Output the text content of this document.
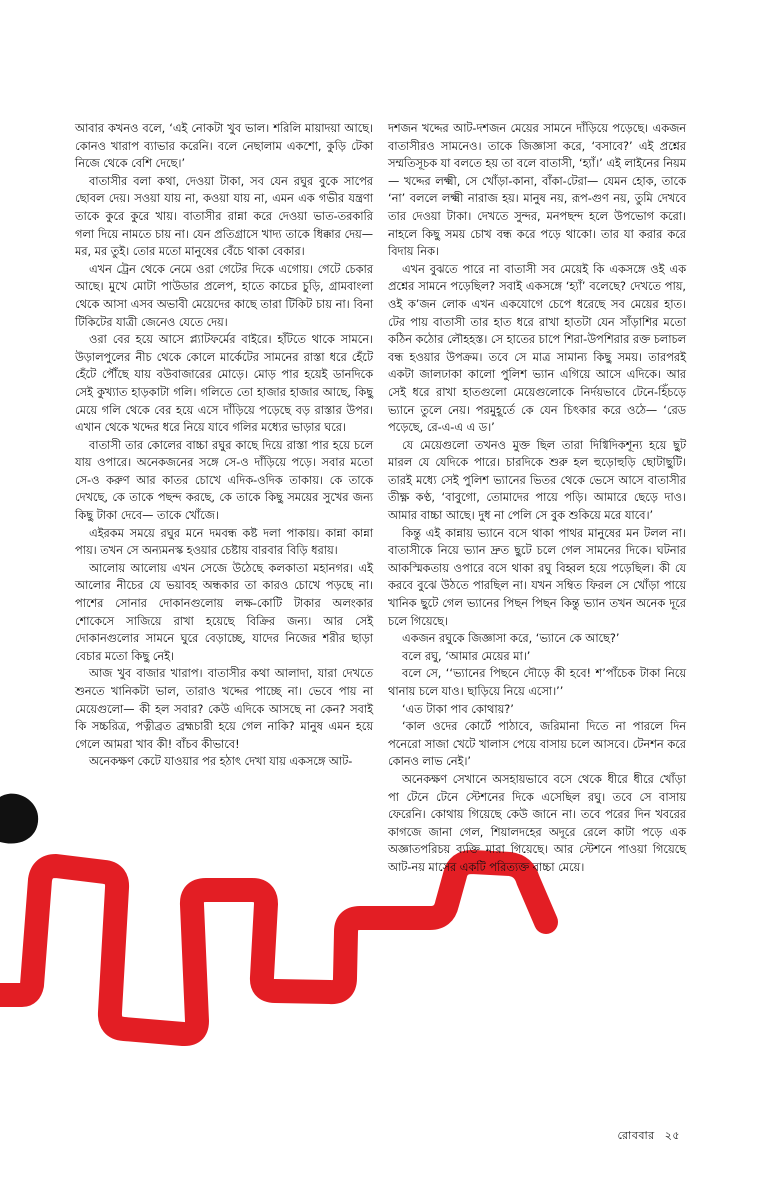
আবার কখনও বলে, ‘এই নোকটা খুব ভাল। শরিলি মায়াদয়া আছে। কোনও খারাপ ব্যাভার করেনি। বলে নেছালাম একশো, কুড়ি টেকা নিজে থেকে বেশি দেছে।’

বাতাসীর বলা কথা, দেওয়া টাকা, সব যেন রঘুর বুকে সাপের ছোবল দেয়। সওয়া যায় না, কওয়া যায় না, এমন এক গভীর যন্ত্রণা তাকে কুরে কুরে খায়। বাতাসীর রান্না করে দেওয়া ভাত-তরকারি গলা দিয়ে নামতে চায় না। যেন প্রতিগ্রাসে খাদ্য তাকে ধিক্কার দেয়— মর, মর তুই। তোর মতো মানুষের বেঁচে থাকা বেকার।

এখন ট্রেন থেকে নেমে ওরা গেটের দিকে এগোয়। গেটে চেকার আছে। মুখে মোটা পাউডার প্রলেপ, হাতে কাচের চুড়ি, গ্রামবাংলা থেকে আসা এসব অভাবী মেয়েদের কাছে তারা টিকিট চায় না। বিনা টিকিটের যাত্রী জেনেও যেতে দেয়।

ওরা বের হয়ে আসে প্ল্যাটফর্মের বাইরে। হাঁটতে থাকে সামনে। উড়ালপুলের নীচ থেকে কোলে মার্কেটের সামনের রাস্তা ধরে হেঁটে হেঁটে পৌঁছে যায় বউবাজারের মোড়ে। মোড় পার হয়েই ডানদিকে সেই কুখ্যাত হাড়কাটা গলি। গলিতে তো হাজার হাজার আছে, কিছু মেয়ে গলি থেকে বের হয়ে এসে দাঁড়িয়ে পড়েছে বড় রাস্তার উপর। এখান থেকে খদ্দের ধরে নিয়ে যাবে গলির মধ্যের ভাড়ার ঘরে।

বাতাসী তার কোলের বাচ্চা রঘুর কাছে দিয়ে রাস্তা পার হয়ে চলে যায় ওপারে। অনেকজনের সঙ্গে সে-ও দাঁড়িয়ে পড়ে। সবার মতো সে-ও করুণ আর কাতর চোখে এদিক-ওদিক তাকায়। কে তাকে দেখছে, কে তাকে পছন্দ করছে, কে তাকে কিছু সময়ের সুখের জন্য কিছু টাকা দেবে— তাকে খোঁজে।

এইরকম সময়ে রঘুর মনে দমবন্ধ কষ্ট দলা পাকায়। কান্না কান্না পায়। তখন সে অন্যমনস্ক হওয়ার চেষ্টায় বারবার বিড়ি ধরায়।

আলোয় আলোয় এখন সেজে উঠেছে কলকাতা মহানগর। এই আলোর নীচের যে ভয়াবহ অন্ধকার তা কারও চোখে পড়ছে না। পাশের সোনার দোকানগুলোয় লক্ষ-কোটি টাকার অলংকার শোকেসে সাজিয়ে রাখা হয়েছে বিক্রির জন্য। আর সেই দোকানগুলোর সামনে ঘুরে বেড়াচ্ছে, যাদের নিজের শরীর ছাড়া বেচার মতো কিছু নেই।

আজ খুব বাজার খারাপ। বাতাসীর কথা আলাদা, যারা দেখতে শুনতে খানিকটা ভাল, তারাও খদ্দের পাচ্ছে না। ভেবে পায় না মেয়েগুলো— কী হল সবার? কেউ এদিকে আসছে না কেন? সবাই কি সচ্চরিত্র, পত্নীব্রত ব্রহ্মচারী হয়ে গেল নাকি? মানুষ এমন হয়ে গেলে আমরা খাব কী! বাঁচব কীভাবে!

অনেকক্ষণ কেটে যাওয়ার পর হঠাৎ দেখা যায় একসঙ্গে আট-

দশজন খদ্দের আট-দশজন মেয়ের সামনে দাঁড়িয়ে পড়েছে। একজন বাতাসীরও সামনেও। তাকে জিজ্ঞাসা করে, ‘বসাবে?’ এই প্রশ্নের সম্মতিসূচক যা বলতে হয় তা বলে বাতাসী, ‘হ্যাঁ।’ এই লাইনের নিয়ম— খদ্দের লক্ষ্মী, সে খোঁড়া-কানা, বাঁকা-টেরা— যেমন হোক, তাকে ‘না’ বললে লক্ষ্মী নারাজ হয়। মানুষ নয়, রূপ-গুণ নয়, তুমি দেখবে তার দেওয়া টাকা। দেখতে সুন্দর, মনপছন্দ হলে উপভোগ করো। নাহলে কিছু সময় চোখ বন্ধ করে পড়ে থাকো। তার যা করার করে বিদায় নিক।

এখন বুঝতে পারে না বাতাসী সব মেয়েই কি একসঙ্গে ওই এক প্রশ্নের সামনে পড়েছিল? সবাই একসঙ্গে ‘হ্যাঁ’ বলেছে? দেখতে পায়, ওই ক’জন লোক এখন একযোগে চেপে ধরেছে সব মেয়ের হাত। টের পায় বাতাসী তার হাত ধরে রাখা হাতটা যেন সাঁড়াশির মতো কঠিন কঠোর লৌহহস্ত। সে হাতের চাপে শিরা-উপশিরার রক্ত চলাচল বন্ধ হওয়ার উপক্রম। তবে সে মাত্র সামান্য কিছু সময়। তারপরই একটা জালঢাকা কালো পুলিশ ভ্যান এগিয়ে আসে এদিকে। আর সেই ধরে রাখা হাতগুলো মেয়েগুলোকে নির্দয়ভাবে টেনে-হিঁচড়ে ভ্যানে তুলে নেয়। পরমুহূর্তে কে যেন চিৎকার করে ওঠে— ‘রেড পড়েছে, রে-এ-এ এ ড।’

যে মেয়েগুলো তখনও মুক্ত ছিল তারা দিগ্বিদিকশূন্য হয়ে ছুট মারল যে যেদিকে পারে। চারদিকে শুরু হল হুড়োহুড়ি ছোটাছুটি। তারই মধ্যে সেই পুলিশ ভ্যানের ভিতর থেকে ভেসে আসে বাতাসীর তীক্ষ্ণ কণ্ঠ, ‘বাবুগো, তোমাদের পায়ে পড়ি। আমারে ছেড়ে দাও। আমার বাচ্চা আছে। দুধ না পেলি সে বুক শুকিয়ে মরে যাবে।’

কিন্তু এই কান্নায় ভ্যানে বসে থাকা পাথর মানুষের মন টলল না। বাতাসীকে নিয়ে ভ্যান দ্রুত ছুটে চলে গেল সামনের দিকে। ঘটনার আকস্মিকতায় ওপারে বসে থাকা রঘু বিহ্বল হয়ে পড়েছিল। কী যে করবে বুঝে উঠতে পারছিল না। যখন সম্বিত ফিরল সে খোঁড়া পায়ে খানিক ছুটে গেল ভ্যানের পিছন পিছন কিন্তু ভ্যান তখন অনেক দূরে চলে গিয়েছে।

একজন রঘুকে জিজ্ঞাসা করে, ‘ভ্যানে কে আছে?’

বলে রঘু, ‘আমার মেয়ের মা।’

বলে সে, ‘‘ভ্যানের পিছনে দৌড়ে কী হবে! শ’পাঁচেক টাকা নিয়ে থানায় চলে যাও। ছাড়িয়ে নিয়ে এসো।’’

‘এত টাকা পাব কোথায়?’

‘কাল ওদের কোর্টে পাঠাবে, জরিমানা দিতে না পারলে দিন পনেরো সাজা খেটে খালাস পেয়ে বাসায় চলে আসবে। টেনশন করে কোনও লাভ নেই।’

অনেকক্ষণ সেখানে অসহায়ভাবে বসে থেকে ধীরে ধীরে খোঁড়া পা টেনে টেনে স্টেশনের দিকে এসেছিল রঘু। তবে সে বাসায় ফেরেনি। কোথায় গিয়েছে কেউ জানে না। তবে পরের দিন খবরের কাগজে জানা গেল, শিয়ালদহের অদূরে রেলে কাটা পড়ে এক অজ্ঞাতপরিচয় ব্যক্তি মারা গিয়েছে। আর স্টেশনে পাওয়া গিয়েছে আট-নয় মাসের একটি পরিত্যক্ত বাচ্চা মেয়ে।

রোববার ২৫
